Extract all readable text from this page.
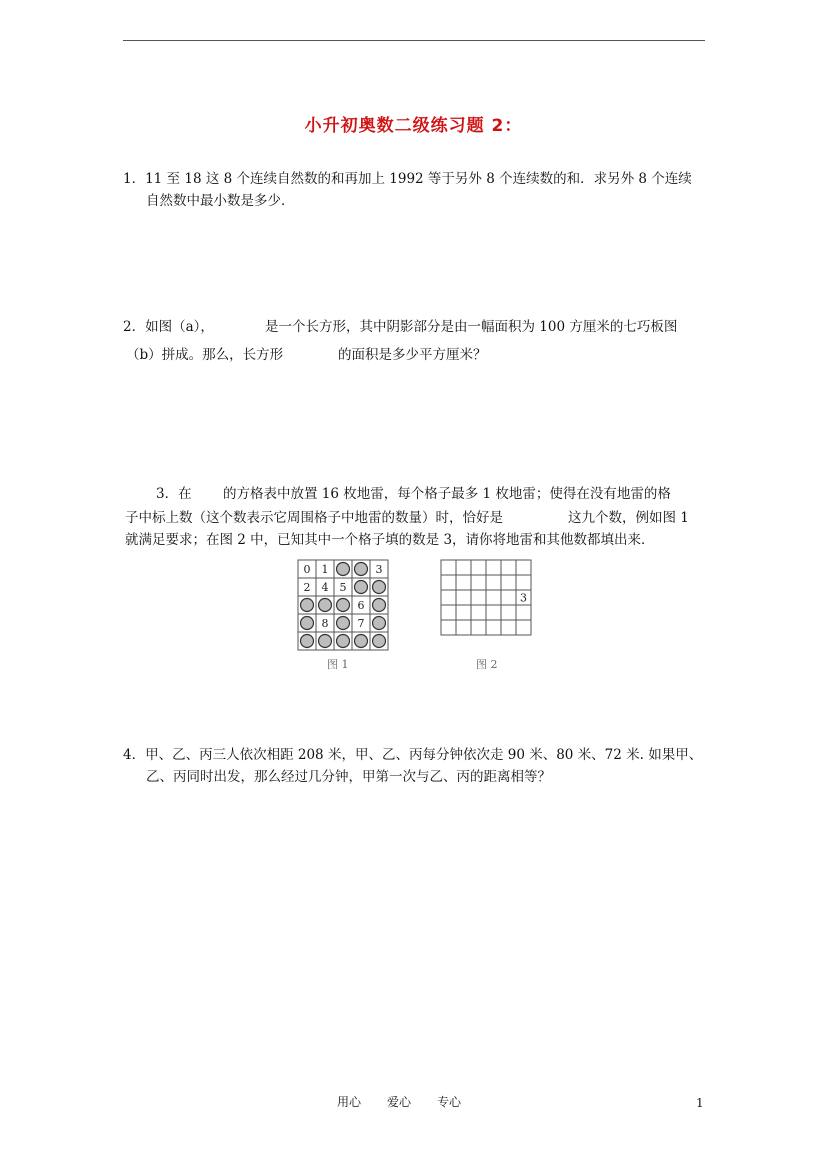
小升初奥数二级练习题 2：
1．11 至 18 这 8 个连续自然数的和再加上 1992 等于另外 8 个连续数的和．求另外 8 个连续
自然数中最小数是多少．
2．如图（a），	是一个长方形，其中阴影部分是由一幅面积为 100 方厘米的七巧板图
（b）拼成。那么，长方形	的面积是多少平方厘米？
3．在 的方格表中放置 16 枚地雷，每个格子最多 1 枚地雷；使得在没有地雷的格
子中标上数（这个数表示它周围格子中地雷的数量）时，恰好是	这九个数，例如图 1
就满足要求；在图 2 中，已知其中一个格子填的数是 3，请你将地雷和其他数都填出来．
0 1	3
2 4 5
6
8	7
图 1
3
图 2
4．甲、乙、丙三人依次相距 208 米，甲、乙、丙每分钟依次走 90 米、80 米、72 米. 如果甲、
乙、丙同时出发，那么经过几分钟，甲第一次与乙、丙的距离相等？
用心 爱心 专心	1
